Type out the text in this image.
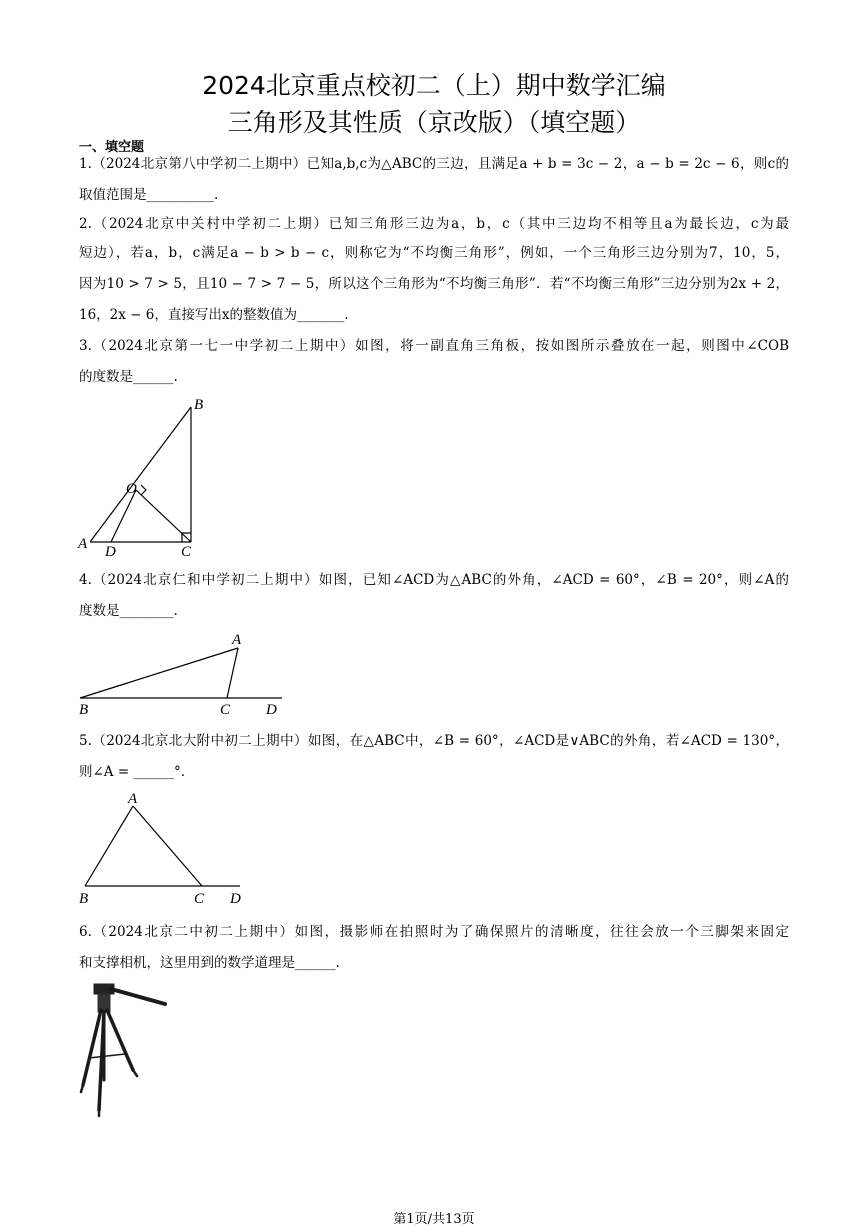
2024北京重点校初二（上）期中数学汇编
三角形及其性质（京改版）（填空题）
一、填空题
1.（2024北京第八中学初二上期中）已知a,b,c为△ABC的三边，且满足a + b = 3c − 2，a − b = 2c − 6，则c的
取值范围是__________.
2.（2024北京中关村中学初二上期）已知三角形三边为a，b，c（其中三边均不相等且a为最长边，c为最
短边），若a，b，c满足a − b > b − c，则称它为“不均衡三角形”，例如，一个三角形三边分别为7，10，5，
因为10 > 7 > 5，且10 − 7 > 7 − 5，所以这个三角形为“不均衡三角形”．若“不均衡三角形”三边分别为2x + 2，
16，2x − 6，直接写出x的整数值为_______.
3.（2024北京第一七一中学初二上期中）如图，将一副直角三角板，按如图所示叠放在一起，则图中∠COB
的度数是______.
B
O
A D	C
4.（2024北京仁和中学初二上期中）如图，已知∠ACD为△ABC的外角，∠ACD = 60°，∠B = 20°，则∠A的
度数是________.
A
B	C D
5.（2024北京北大附中初二上期中）如图，在△ABC中，∠B = 60°，∠ACD是∨ABC的外角，若∠ACD = 130°，
则∠A = ______°.
A
B	C D
6.（2024北京二中初二上期中）如图，摄影师在拍照时为了确保照片的清晰度，往往会放一个三脚架来固定
和支撑相机，这里用到的数学道理是______.
第1页/共13页
